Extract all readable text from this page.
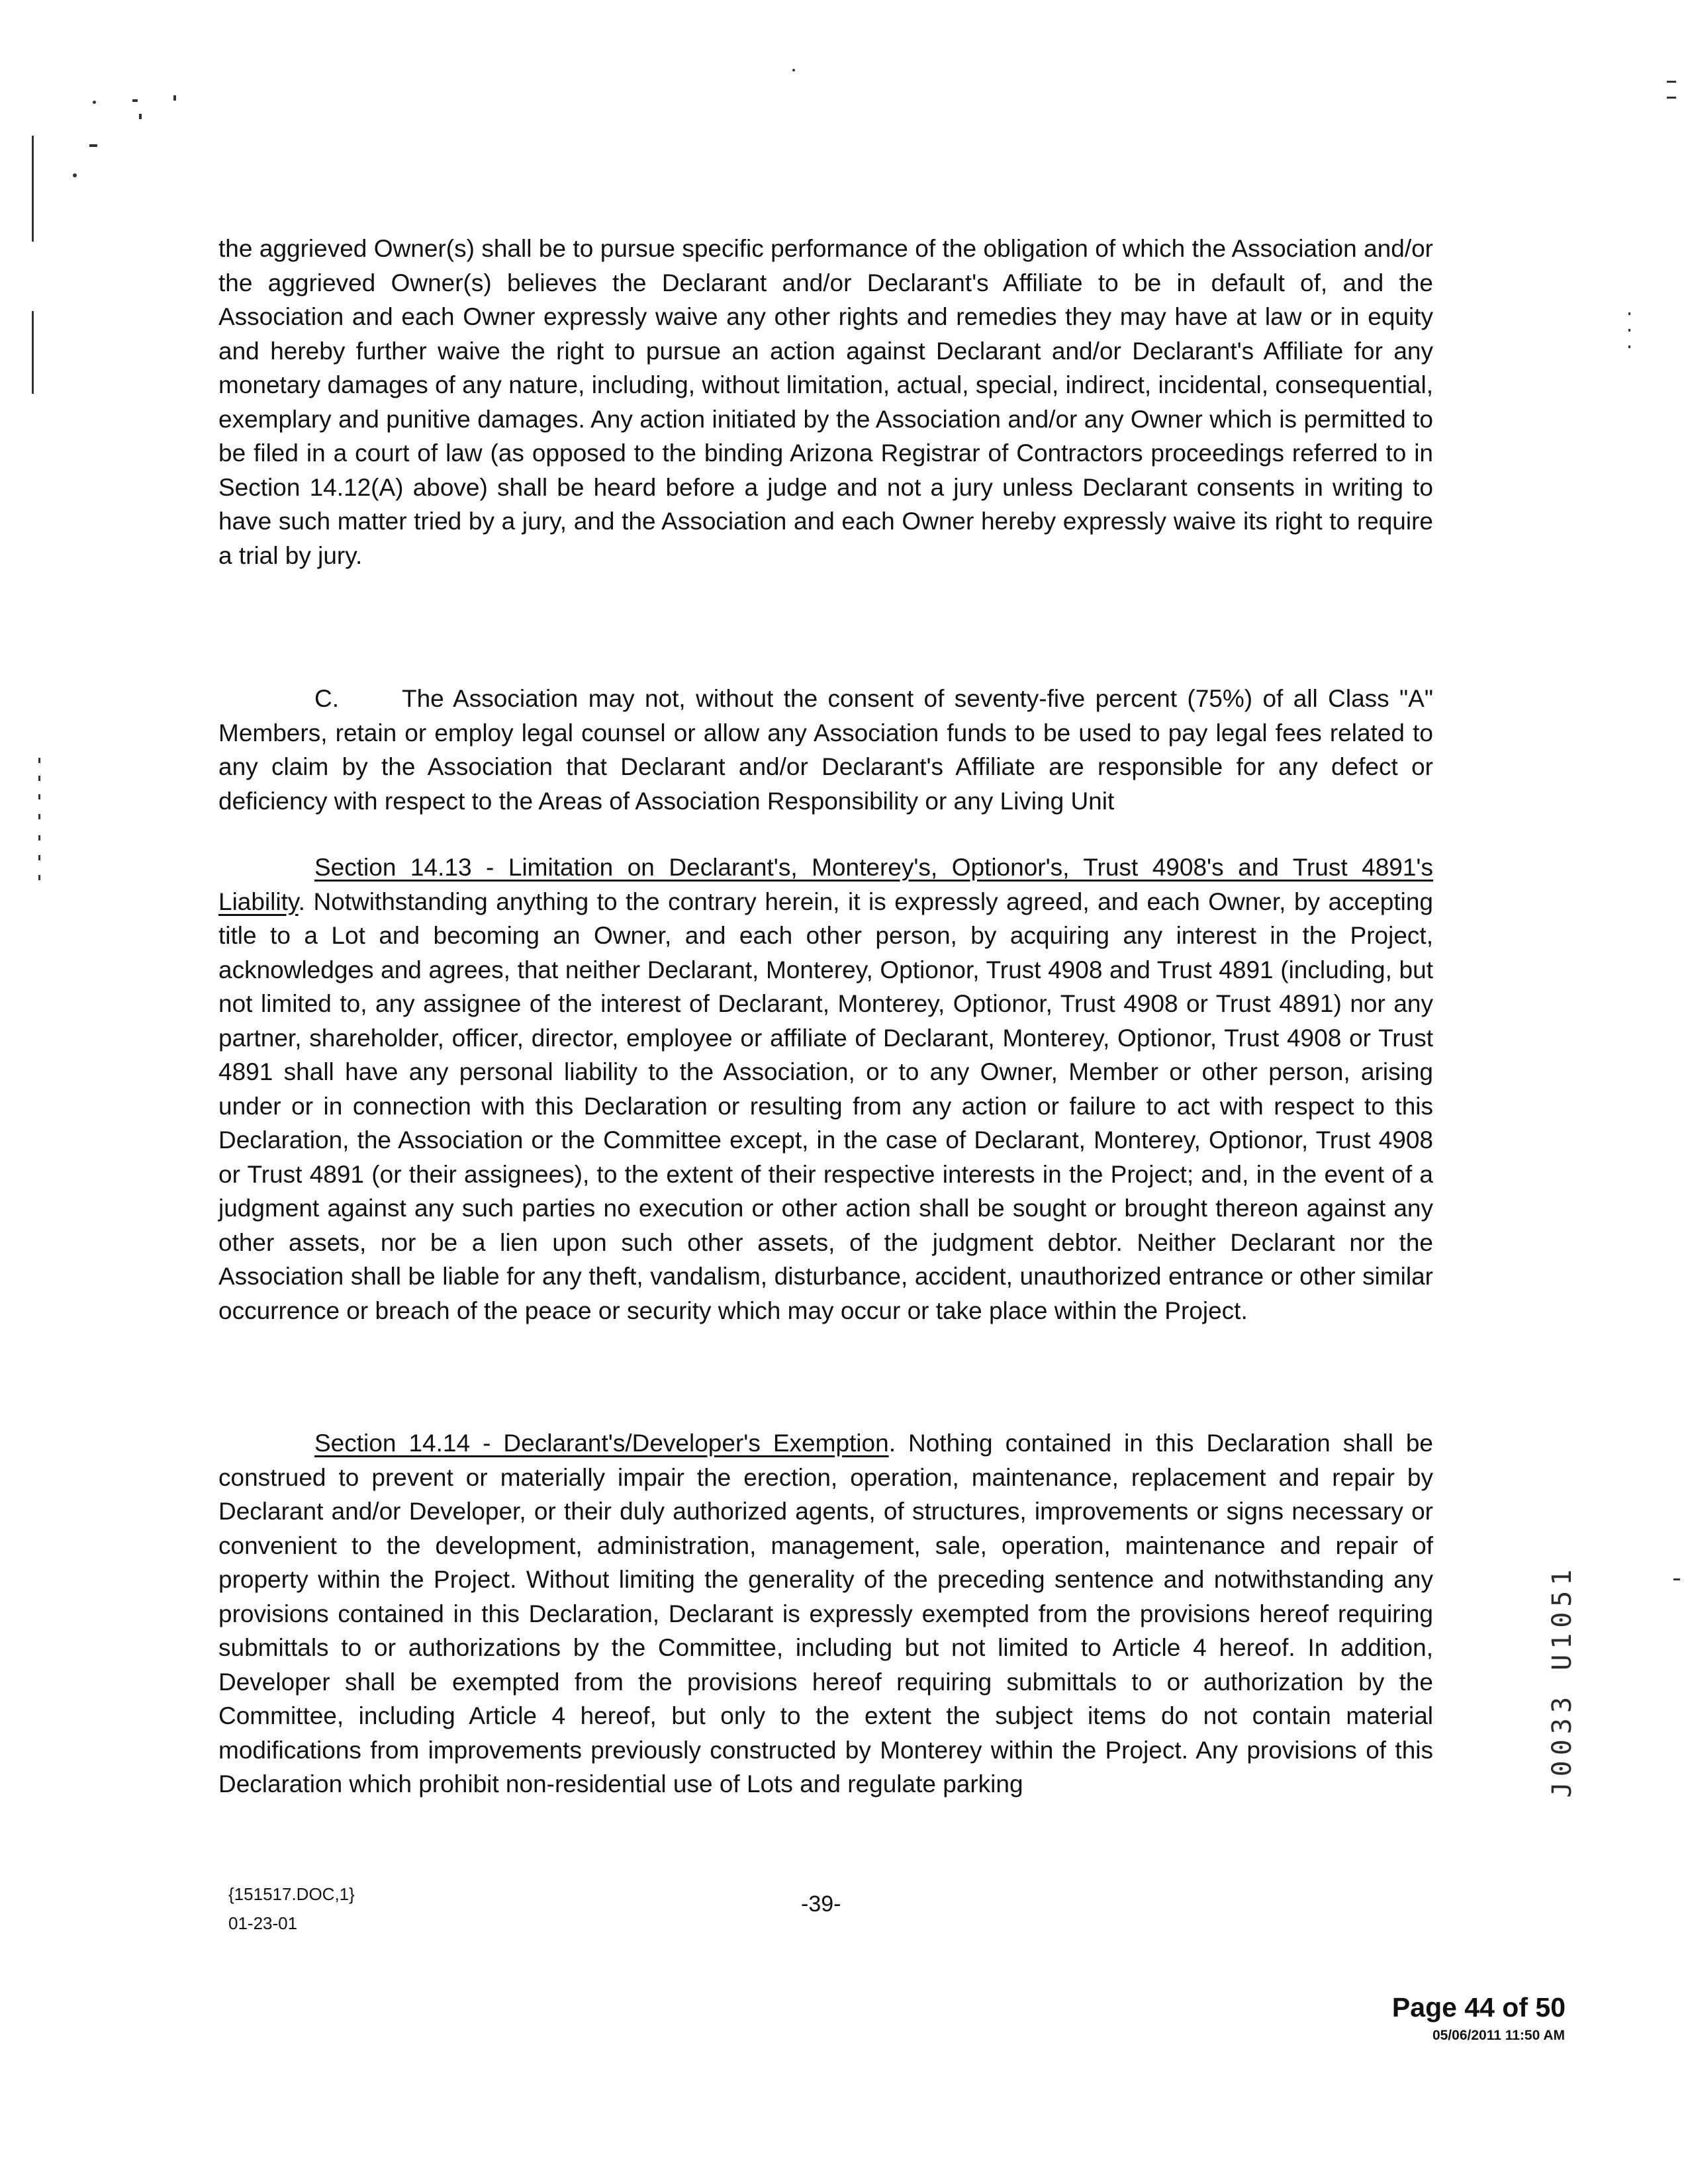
the aggrieved Owner(s) shall be to pursue specific performance of the obligation of which the Association and/or the aggrieved Owner(s) believes the Declarant and/or Declarant's Affiliate to be in default of, and the Association and each Owner expressly waive any other rights and remedies they may have at law or in equity and hereby further waive the right to pursue an action against Declarant and/or Declarant's Affiliate for any monetary damages of any nature, including, without limitation, actual, special, indirect, incidental, consequential, exemplary and punitive damages. Any action initiated by the Association and/or any Owner which is permitted to be filed in a court of law (as opposed to the binding Arizona Registrar of Contractors proceedings referred to in Section 14.12(A) above) shall be heard before a judge and not a jury unless Declarant consents in writing to have such matter tried by a jury, and the Association and each Owner hereby expressly waive its right to require a trial by jury.

C.	The Association may not, without the consent of seventy-five percent (75%) of all Class "A" Members, retain or employ legal counsel or allow any Association funds to be used to pay legal fees related to any claim by the Association that Declarant and/or Declarant's Affiliate are responsible for any defect or deficiency with respect to the Areas of Association Responsibility or any Living Unit

Section 14.13 - Limitation on Declarant's, Monterey's, Optionor's, Trust 4908's and Trust 4891's Liability. Notwithstanding anything to the contrary herein, it is expressly agreed, and each Owner, by accepting title to a Lot and becoming an Owner, and each other person, by acquiring any interest in the Project, acknowledges and agrees, that neither Declarant, Monterey, Optionor, Trust 4908 and Trust 4891 (including, but not limited to, any assignee of the interest of Declarant, Monterey, Optionor, Trust 4908 or Trust 4891) nor any partner, shareholder, officer, director, employee or affiliate of Declarant, Monterey, Optionor, Trust 4908 or Trust 4891 shall have any personal liability to the Association, or to any Owner, Member or other person, arising under or in connection with this Declaration or resulting from any action or failure to act with respect to this Declaration, the Association or the Committee except, in the case of Declarant, Monterey, Optionor, Trust 4908 or Trust 4891 (or their assignees), to the extent of their respective interests in the Project; and, in the event of a judgment against any such parties no execution or other action shall be sought or brought thereon against any other assets, nor be a lien upon such other assets, of the judgment debtor. Neither Declarant nor the Association shall be liable for any theft, vandalism, disturbance, accident, unauthorized entrance or other similar occurrence or breach of the peace or security which may occur or take place within the Project.

Section 14.14 - Declarant's/Developer's Exemption. Nothing contained in this Declaration shall be construed to prevent or materially impair the erection, operation, maintenance, replacement and repair by Declarant and/or Developer, or their duly authorized agents, of structures, improvements or signs necessary or convenient to the development, administration, management, sale, operation, maintenance and repair of property within the Project. Without limiting the generality of the preceding sentence and notwithstanding any provisions contained in this Declaration, Declarant is expressly exempted from the provisions hereof requiring submittals to or authorizations by the Committee, including but not limited to Article 4 hereof. In addition, Developer shall be exempted from the provisions hereof requiring submittals to or authorization by the Committee, including Article 4 hereof, but only to the extent the subject items do not contain material modifications from improvements previously constructed by Monterey within the Project. Any provisions of this Declaration which prohibit non-residential use of Lots and regulate parking

{151517.DOC,1}
01-23-01
-39-
J0033 U1051
Page 44 of 50
05/06/2011 11:50 AM
